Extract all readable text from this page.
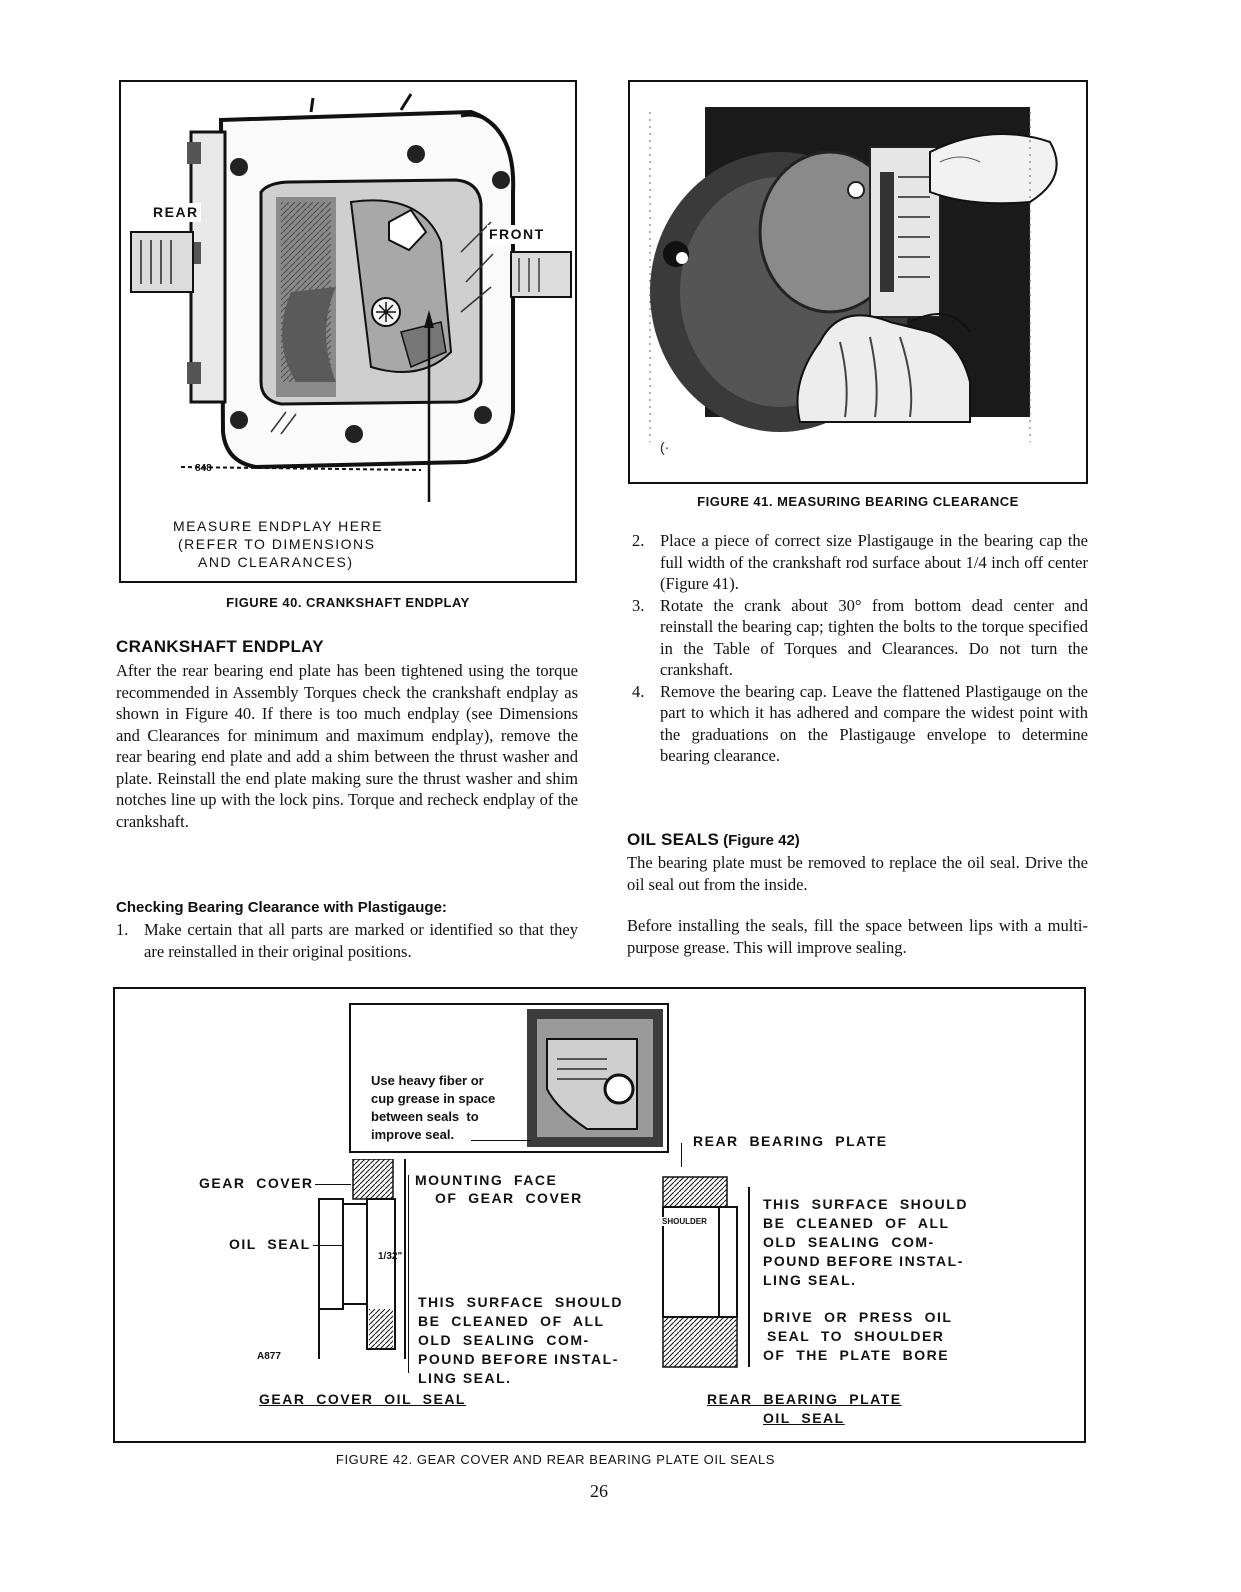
REAR
FRONT
848
MEASURE ENDPLAY HERE
(REFER TO DIMENSIONS
AND CLEARANCES)
FIGURE 40. CRANKSHAFT ENDPLAY
(·
FIGURE 41. MEASURING BEARING CLEARANCE
CRANKSHAFT ENDPLAY
After the rear bearing end plate has been tightened using the torque recommended in Assembly Torques check the crankshaft endplay as shown in Figure 40. If there is too much endplay (see Dimensions and Clearances for minimum and maximum endplay), remove the rear bearing end plate and add a shim between the thrust washer and plate. Reinstall the end plate making sure the thrust washer and shim notches line up with the lock pins. Torque and recheck endplay of the crankshaft.
Checking Bearing Clearance with Plastigauge:
1. Make certain that all parts are marked or identified so that they are reinstalled in their original positions.
2. Place a piece of correct size Plastigauge in the bearing cap the full width of the crankshaft rod surface about 1/4 inch off center (Figure 41).
3. Rotate the crank about 30° from bottom dead center and reinstall the bearing cap; tighten the bolts to the torque specified in the Table of Torques and Clearances. Do not turn the crankshaft.
4. Remove the bearing cap. Leave the flattened Plastigauge on the part to which it has adhered and compare the widest point with the graduations on the Plastigauge envelope to determine bearing clearance.
OIL SEALS (Figure 42)
The bearing plate must be removed to replace the oil seal. Drive the oil seal out from the inside.
Before installing the seals, fill the space between lips with a multi-purpose grease. This will improve sealing.
Use heavy fiber or
cup grease in space
between seals  to
improve seal.
GEAR  COVER
OIL  SEAL
1/32"
A877
MOUNTING  FACE
OF  GEAR  COVER
THIS  SURFACE  SHOULD
BE  CLEANED  OF  ALL
OLD  SEALING  COM-
POUND BEFORE INSTAL-
LING SEAL.
GEAR  COVER  OIL  SEAL
REAR  BEARING  PLATE
SHOULDER
THIS  SURFACE  SHOULD
BE  CLEANED  OF  ALL
OLD  SEALING  COM-
POUND BEFORE INSTAL-
LING SEAL.
DRIVE  OR  PRESS  OIL
SEAL  TO  SHOULDER
OF  THE  PLATE  BORE
REAR  BEARING  PLATE
OIL  SEAL
FIGURE 42. GEAR COVER AND REAR BEARING PLATE OIL SEALS
26
